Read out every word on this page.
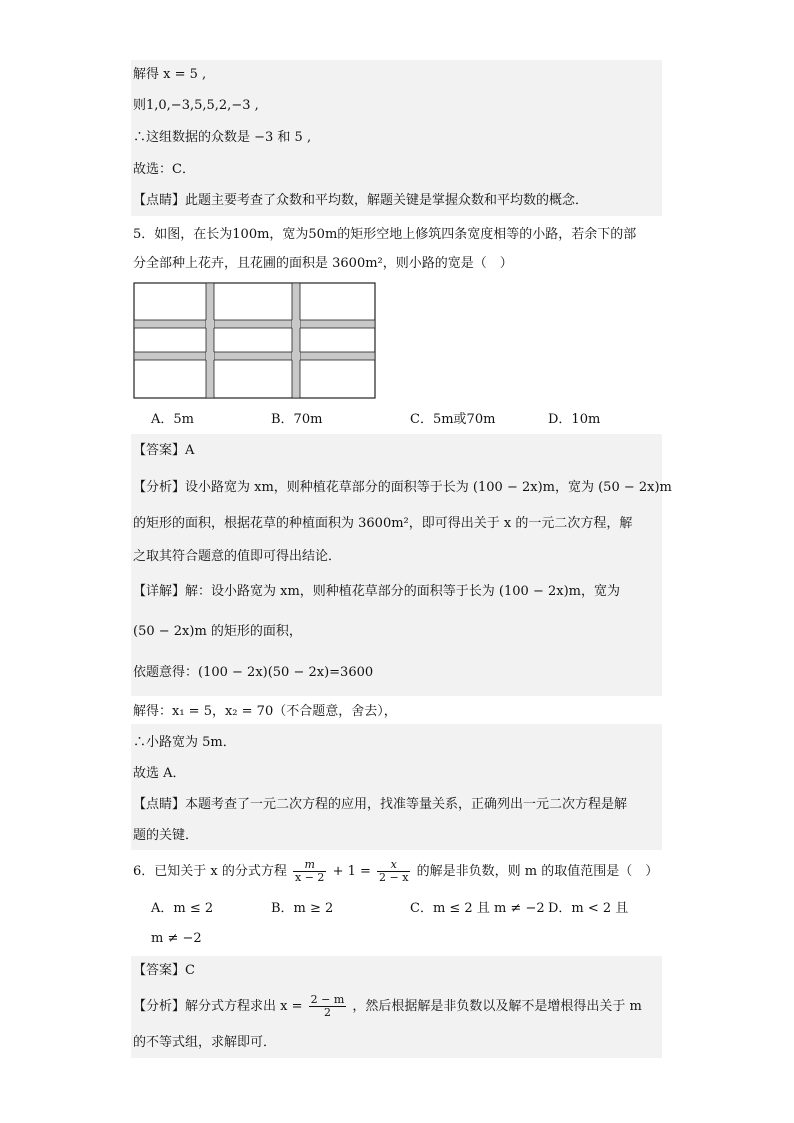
解得 x = 5 ,
则1,0,−3,5,5,2,−3 ,
∴这组数据的众数是 −3 和 5 ,
故选：C．
【点睛】此题主要考查了众数和平均数，解题关键是掌握众数和平均数的概念．
5．如图，在长为100m，宽为50m的矩形空地上修筑四条宽度相等的小路，若余下的部
分全部种上花卉，且花圃的面积是 3600m²，则小路的宽是（　）
A．5m	B．70m	C．5m或70m	D．10m
【答案】A
【分析】设小路宽为 xm，则种植花草部分的面积等于长为 (100 − 2x)m，宽为 (50 − 2x)m
的矩形的面积，根据花草的种植面积为 3600m²，即可得出关于 x 的一元二次方程，解
之取其符合题意的值即可得出结论．
【详解】解：设小路宽为 xm，则种植花草部分的面积等于长为 (100 − 2x)m，宽为
(50 − 2x)m 的矩形的面积，
依题意得：(100 − 2x)(50 − 2x)=3600
解得：x₁ = 5，x₂ = 70（不合题意，舍去），
∴小路宽为 5m．
故选 A．
【点睛】本题考查了一元二次方程的应用，找准等量关系，正确列出一元二次方程是解
题的关键．
6．已知关于 x 的分式方程 $\frac{m}{x - 2} + 1 = \frac{x}{2 - x}$ 的解是非负数，则 m 的取值范围是（　）
A．m ≤ 2	B．m ≥ 2	C．m ≤ 2 且 m ≠ −2 D．m < 2 且
m ≠ −2
【答案】C
【分析】解分式方程求出 $x = \frac{2 - m}{2}$ ，然后根据解是非负数以及解不是增根得出关于 m
的不等式组，求解即可．
